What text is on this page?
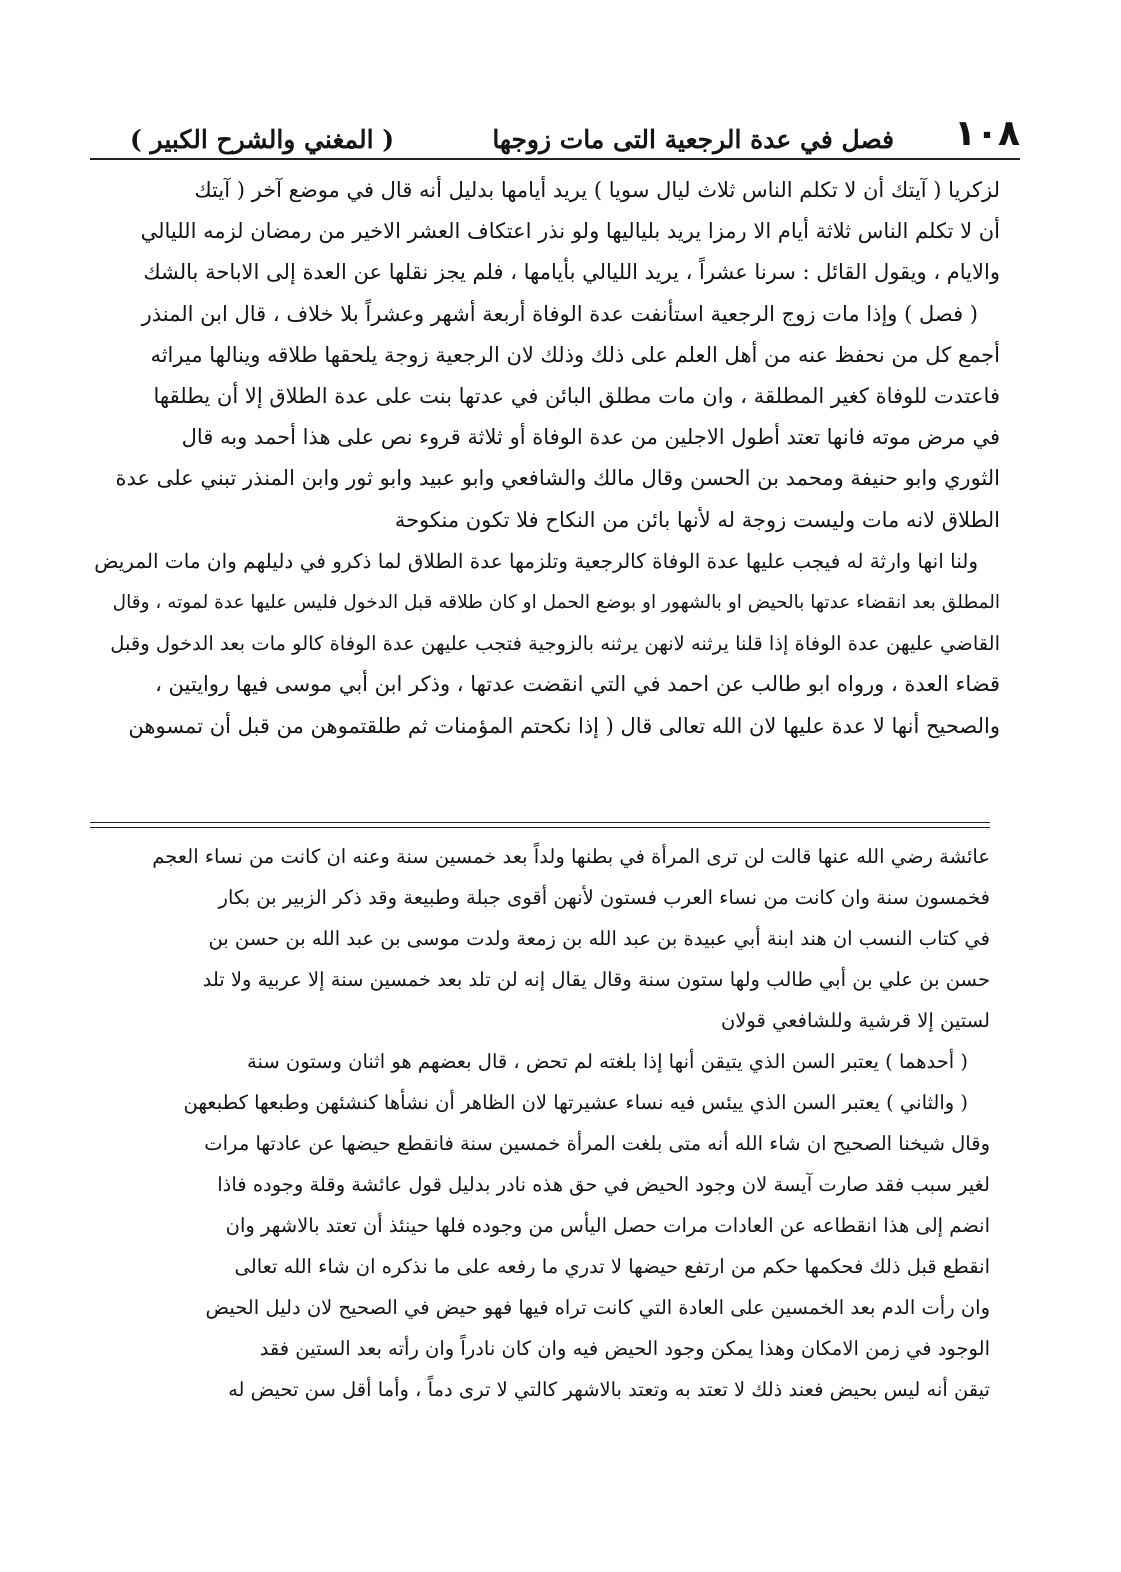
١٠٨
فصل في عدة الرجعية التى مات زوجها
( المغني والشرح الكبير )
لزكريا ( آيتك أن لا تكلم الناس ثلاث ليال سويا ) يريد أيامها بدليل أنه قال في موضع آخر ( آيتك
أن لا تكلم الناس ثلاثة أيام الا رمزا يريد بلياليها ولو نذر اعتكاف العشر الاخير من رمضان لزمه الليالي
والايام ، ويقول القائل : سرنا عشراً ، يريد الليالي بأيامها ، فلم يجز نقلها عن العدة إلى الاباحة بالشك
( فصل ) وإذا مات زوج الرجعية استأنفت عدة الوفاة أربعة أشهر وعشراً بلا خلاف ، قال ابن المنذر
أجمع كل من نحفظ عنه من أهل العلم على ذلك وذلك لان الرجعية زوجة يلحقها طلاقه وينالها ميراثه
فاعتدت للوفاة كغير المطلقة ، وان مات مطلق البائن في عدتها بنت على عدة الطلاق إلا أن يطلقها
في مرض موته فانها تعتد أطول الاجلين من عدة الوفاة أو ثلاثة قروء نص على هذا أحمد وبه قال
الثوري وابو حنيفة ومحمد بن الحسن وقال مالك والشافعي وابو عبيد وابو ثور وابن المنذر تبني على عدة
الطلاق لانه مات وليست زوجة له لأنها بائن من النكاح فلا تكون منكوحة
ولنا انها وارثة له فيجب عليها عدة الوفاة كالرجعية وتلزمها عدة الطلاق لما ذكرو في دليلهم وان مات المريض
المطلق بعد انقضاء عدتها بالحيض او بالشهور او بوضع الحمل او كان طلاقه قبل الدخول فليس عليها عدة لموته ، وقال
القاضي عليهن عدة الوفاة إذا قلنا يرثنه لانهن يرثنه بالزوجية فتجب عليهن عدة الوفاة كالو مات بعد الدخول وقبل
قضاء العدة ، ورواه ابو طالب عن احمد في التي انقضت عدتها ، وذكر ابن أبي موسى فيها روايتين ،
والصحيح أنها لا عدة عليها لان الله تعالى قال ( إذا نكحتم المؤمنات ثم طلقتموهن من قبل أن تمسوهن
عائشة رضي الله عنها قالت لن ترى المرأة في بطنها ولداً بعد خمسين سنة وعنه ان كانت من نساء العجم
فخمسون سنة وان كانت من نساء العرب فستون لأنهن أقوى جبلة وطبيعة وقد ذكر الزبير بن بكار
في كتاب النسب ان هند ابنة أبي عبيدة بن عبد الله بن زمعة ولدت موسى بن عبد الله بن حسن بن
حسن بن علي بن أبي طالب ولها ستون سنة وقال يقال إنه لن تلد بعد خمسين سنة إلا عربية ولا تلد
لستين إلا قرشية وللشافعي قولان
( أحدهما ) يعتبر السن الذي يتيقن أنها إذا بلغته لم تحض ، قال بعضهم هو اثنان وستون سنة
( والثاني ) يعتبر السن الذي ييئس فيه نساء عشيرتها لان الظاهر أن نشأها كنشئهن وطبعها كطبعهن
وقال شيخنا الصحيح ان شاء الله أنه متى بلغت المرأة خمسين سنة فانقطع حيضها عن عادتها مرات
لغير سبب فقد صارت آيسة لان وجود الحيض في حق هذه نادر بدليل قول عائشة وقلة وجوده فاذا
انضم إلى هذا انقطاعه عن العادات مرات حصل اليأس من وجوده فلها حينئذ أن تعتد بالاشهر وان
انقطع قبل ذلك فحكمها حكم من ارتفع حيضها لا تدري ما رفعه على ما نذكره ان شاء الله تعالى
وان رأت الدم بعد الخمسين على العادة التي كانت تراه فيها فهو حيض في الصحيح لان دليل الحيض
الوجود في زمن الامكان وهذا يمكن وجود الحيض فيه وان كان نادراً وان رأته بعد الستين فقد
تيقن أنه ليس بحيض فعند ذلك لا تعتد به وتعتد بالاشهر كالتي لا ترى دماً ، وأما أقل سن تحيض له
